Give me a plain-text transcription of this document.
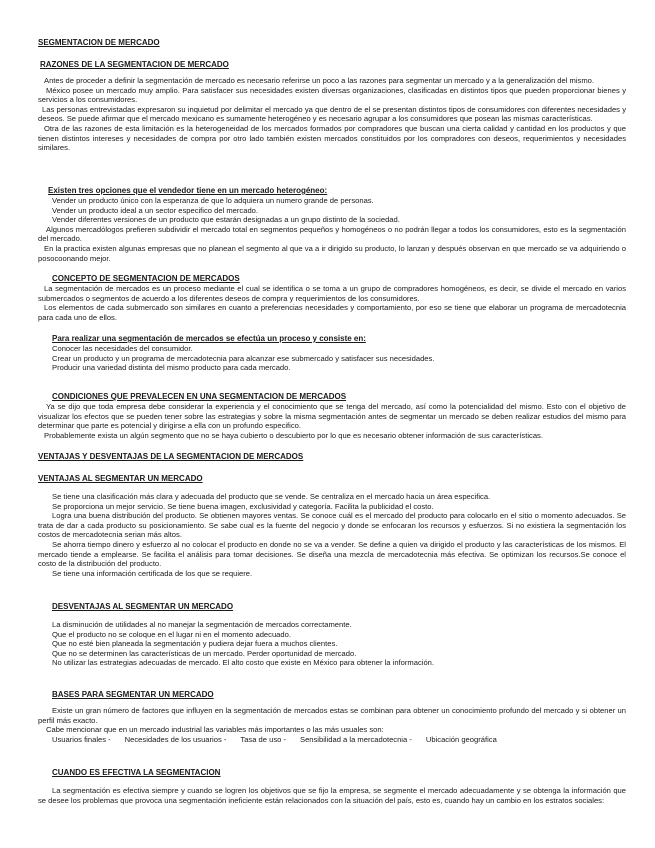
SEGMENTACION DE MERCADO

RAZONES DE LA SEGMENTACION DE MERCADO

Antes de proceder a definir la segmentación de mercado es necesario referirse un poco a las razones para segmentar un mercado y a la generalización del mismo.

México posee un mercado muy amplio. Para satisfacer sus necesidades existen diversas organizaciones, clasificadas en distintos tipos que pueden proporcionar bienes y servicios a los consumidores.

Las personas entrevistadas expresaron su inquietud por delimitar el mercado ya que dentro de el se presentan distintos tipos de consumidores con diferentes necesidades y deseos. Se puede afirmar que el mercado mexicano es sumamente heterogéneo y es necesario agrupar a los consumidores que posean las mismas características.

Otra de las razones de esta limitación es la heterogeneidad de los mercados formados por compradores que buscan una cierta calidad y cantidad en los productos y que tienen distintos intereses y necesidades de compra por otro lado también existen mercados constituidos por los compradores con deseos, requerimientos y necesidades similares.

Existen tres opciones que el vendedor tiene en un mercado heterogéneo:

Vender un producto único con la esperanza de que lo adquiera un numero grande de personas.

Vender un producto ideal a un sector especifico del mercado.

Vender diferentes versiones de un producto que estarán designadas a un grupo distinto de la sociedad.

Algunos mercadólogos prefieren subdividir el mercado total en segmentos pequeños y homogéneos o no podrán llegar a todos los consumidores, esto es la segmentación del mercado.

En la practica existen algunas empresas que no planean el segmento al que va a ir dirigido su producto, lo lanzan y después observan en que mercado se va adquiriendo o posocoonando mejor.

CONCEPTO DE SEGMENTACION DE MERCADOS

La segmentación de mercados es un proceso mediante el cual se identifica o se toma a un grupo de compradores homogéneos, es decir, se divide el mercado en varios submercados o segmentos de acuerdo a los diferentes deseos de compra y requerimientos de los consumidores.

Los elementos de cada submercado son similares en cuanto a preferencias necesidades y comportamiento, por eso se tiene que elaborar un programa de mercadotecnia para cada uno de ellos.

Para realizar una segmentación de mercados se efectúa un proceso y consiste en:

Conocer las necesidades del consumidor.

Crear un producto y un programa de mercadotecnia para alcanzar ese submercado y satisfacer sus necesidades.

Producir una variedad distinta del mismo producto para cada mercado.

CONDICIONES QUE PREVALECEN EN UNA SEGMENTACION DE MERCADOS

Ya se dijo que toda empresa debe considerar la experiencia y el conocimiento que se tenga del mercado, así como la potencialidad del mismo. Esto con el objetivo de visualizar los efectos que se pueden tener sobre las estrategias y sobre la misma segmentación antes de segmentar un mercado se deben realizar estudios del mismo para determinar que parte es potencial y dirigirse a ella con un profundo especifico.

Probablemente exista un algún segmento que no se haya cubierto o descubierto por lo que es necesario obtener información de sus características.

VENTAJAS Y DESVENTAJAS DE LA SEGMENTACION DE MERCADOS

VENTAJAS AL SEGMENTAR UN MERCADO

Se tiene una clasificación más clara y adecuada del producto que se vende. Se centraliza en el mercado hacia un área especifica.

Se proporciona un mejor servicio. Se tiene buena imagen, exclusividad y categoría. Facilita la publicidad el costo.

Logra una buena distribución del producto. Se obtienen mayores ventas. Se conoce cuál es el mercado del producto para colocarlo en el sitio o momento adecuados. Se trata de dar a cada producto su posicionamiento. Se sabe cual es la fuente del negocio y donde se enfocaran los recursos y esfuerzos. Si no existiera la segmentación los costos de mercadotecnia serian más altos.

Se ahorra tiempo dinero y esfuerzo al no colocar el producto en donde no se va a vender. Se define a quien va dirigido el producto y las características de los mismos. El mercado tiende a emplearse. Se facilita el análisis para tomar decisiones. Se diseña una mezcla de mercadotecnia más efectiva. Se optimizan los recursos.Se conoce el costo de la distribución del producto.

Se tiene una información certificada de los que se requiere.

DESVENTAJAS AL SEGMENTAR UN MERCADO

La disminución de utilidades al no manejar la segmentación de mercados correctamente.

Que el producto no se coloque en el lugar ni en el momento adecuado.

Que no esté bien planeada la segmentación y pudiera dejar fuera a muchos clientes.

Que no se determinen las características de un mercado. Perder oportunidad de mercado.

No utilizar las estrategias adecuadas de mercado. El alto costo que existe en México para obtener la información.

BASES PARA SEGMENTAR UN MERCADO

Existe un gran número de factores que influyen en la segmentación de mercados estas se combinan para obtener un conocimiento profundo del mercado y si obtener un perfil más exacto.

Cabe mencionar que en un mercado industrial las variables más importantes o las más usuales son:

Usuarios finales - Necesidades de los usuarios - Tasa de uso - Sensibilidad a la mercadotecnia - Ubicación geográfica

CUANDO ES EFECTIVA LA SEGMENTACION

La segmentación es efectiva siempre y cuando se logren los objetivos que se fijo la empresa, se segmente el mercado adecuadamente y se obtenga la información que se desee los problemas que provoca una segmentación ineficiente están relacionados con la situación del país, esto es, cuando hay un cambio en los estratos sociales:
